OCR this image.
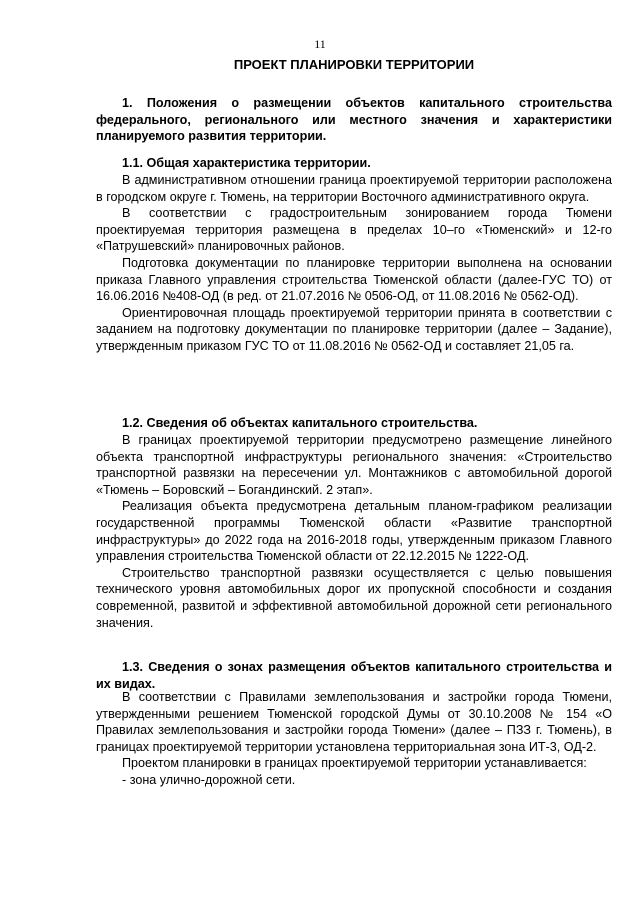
11
ПРОЕКТ ПЛАНИРОВКИ ТЕРРИТОРИИ
1. Положения о размещении объектов капитального строительства федерального, регионального или местного значения и характеристики планируемого развития территории.
1.1. Общая характеристика территории.

В административном отношении граница проектируемой территории расположена в городском округе г. Тюмень, на территории Восточного административного округа.

В соответствии с градостроительным зонированием города Тюмени проектируемая территория размещена в пределах 10–го «Тюменский» и 12-го «Патрушевский» планировочных районов.

Подготовка документации по планировке территории выполнена на основании приказа Главного управления строительства Тюменской области (далее-ГУС ТО) от 16.06.2016 №408-ОД (в ред. от 21.07.2016 № 0506-ОД, от 11.08.2016 № 0562-ОД).

Ориентировочная площадь проектируемой территории принята в соответствии с заданием на подготовку документации по планировке территории (далее – Задание), утвержденным приказом ГУС ТО от 11.08.2016 № 0562-ОД и составляет 21,05 га.

1.2. Сведения об объектах капитального строительства.

В границах проектируемой территории предусмотрено размещение линейного объекта транспортной инфраструктуры регионального значения: «Строительство транспортной развязки на пересечении ул. Монтажников с автомобильной дорогой «Тюмень – Боровский – Богандинский. 2 этап».

Реализация объекта предусмотрена детальным планом-графиком реализации государственной программы Тюменской области «Развитие транспортной инфраструктуры» до 2022 года на 2016-2018 годы, утвержденным приказом Главного управления строительства Тюменской области от 22.12.2015 № 1222-ОД.

Строительство транспортной развязки осуществляется с целью повышения технического уровня автомобильных дорог их пропускной способности и создания современной, развитой и эффективной автомобильной дорожной сети регионального значения.

1.3. Сведения о зонах размещения объектов капитального строительства и их видах.

В соответствии с Правилами землепользования и застройки города Тюмени, утвержденными решением Тюменской городской Думы от 30.10.2008 № 154 «О Правилах землепользования и застройки города Тюмени» (далее – ПЗЗ г. Тюмень), в границах проектируемой территории установлена территориальная зона ИТ-3, ОД-2.

Проектом планировки в границах проектируемой территории устанавливается:

- зона улично-дорожной сети.
